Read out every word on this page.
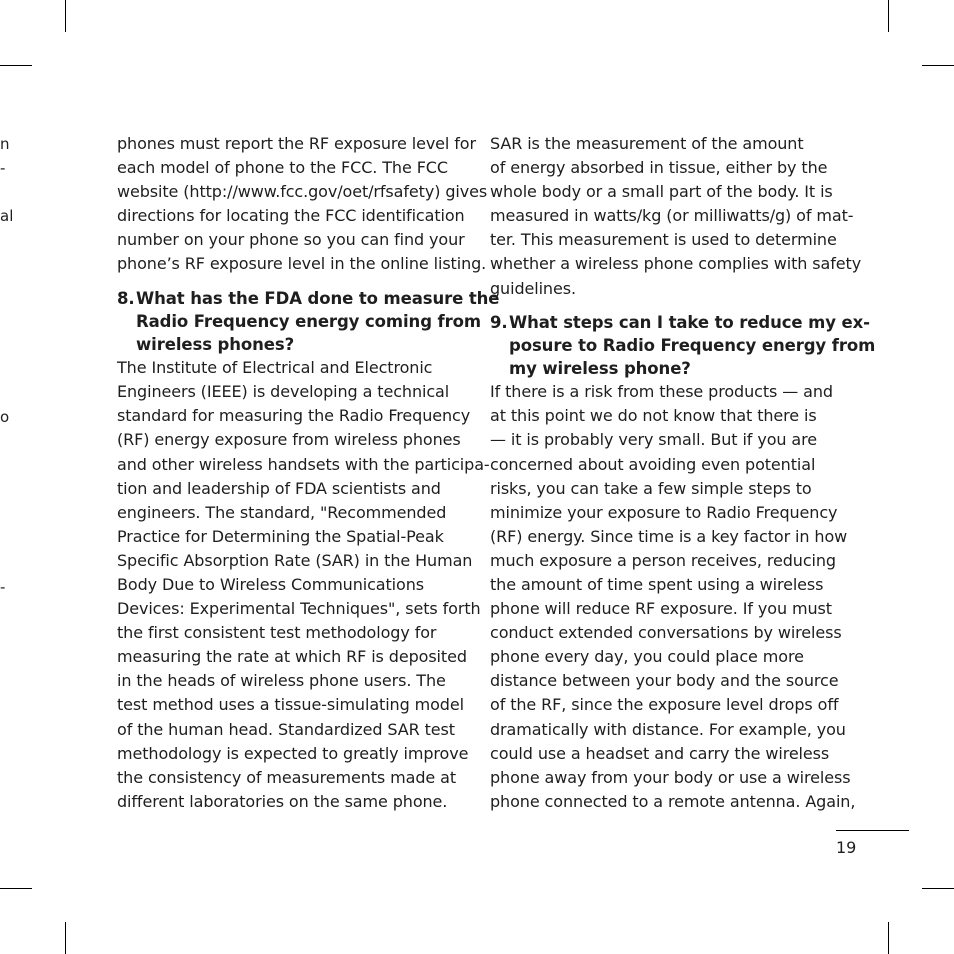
n
-
al
o
-
phones must report the RF exposure level for
each model of phone to the FCC. The FCC
website (http://www.fcc.gov/oet/rfsafety) gives
directions for locating the FCC identification
number on your phone so you can find your
phone’s RF exposure level in the online listing.
8. What has the FDA done to measure the
Radio Frequency energy coming from
wireless phones?
The Institute of Electrical and Electronic
Engineers (IEEE) is developing a technical
standard for measuring the Radio Frequency
(RF) energy exposure from wireless phones
and other wireless handsets with the participa-
tion and leadership of FDA scientists and
engineers. The standard, "Recommended
Practice for Determining the Spatial-Peak
Specific Absorption Rate (SAR) in the Human
Body Due to Wireless Communications
Devices: Experimental Techniques", sets forth
the first consistent test methodology for
measuring the rate at which RF is deposited
in the heads of wireless phone users. The
test method uses a tissue-simulating model
of the human head. Standardized SAR test
methodology is expected to greatly improve
the consistency of measurements made at
different laboratories on the same phone.
SAR is the measurement of the amount
of energy absorbed in tissue, either by the
whole body or a small part of the body. It is
measured in watts/kg (or milliwatts/g) of mat-
ter. This measurement is used to determine
whether a wireless phone complies with safety
guidelines.
9. What steps can I take to reduce my ex-
posure to Radio Frequency energy from
my wireless phone?
If there is a risk from these products — and
at this point we do not know that there is
— it is probably very small. But if you are
concerned about avoiding even potential
risks, you can take a few simple steps to
minimize your exposure to Radio Frequency
(RF) energy. Since time is a key factor in how
much exposure a person receives, reducing
the amount of time spent using a wireless
phone will reduce RF exposure. If you must
conduct extended conversations by wireless
phone every day, you could place more
distance between your body and the source
of the RF, since the exposure level drops off
dramatically with distance. For example, you
could use a headset and carry the wireless
phone away from your body or use a wireless
phone connected to a remote antenna. Again,
19
